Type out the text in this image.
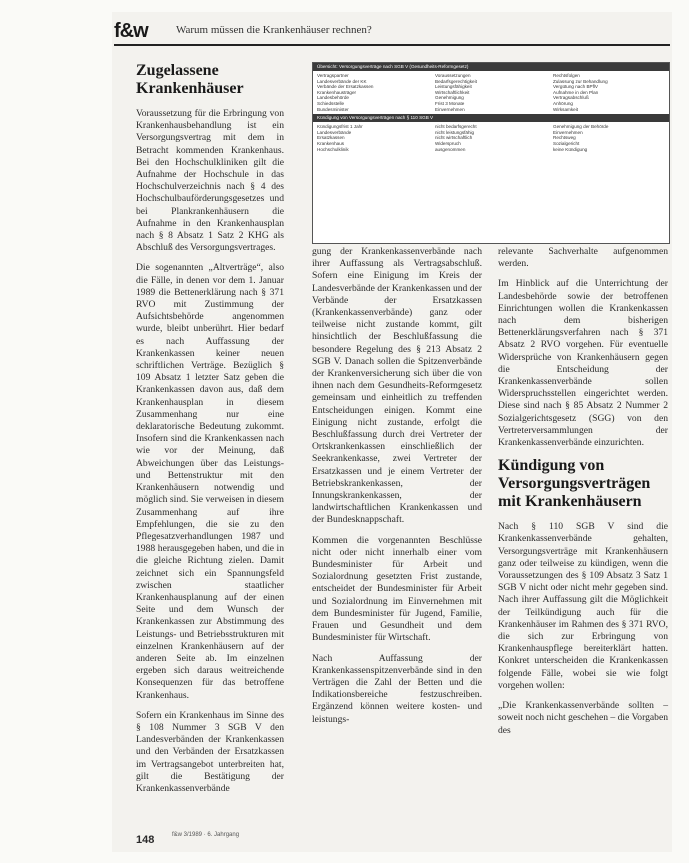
f&w	Warum müssen die Krankenhäuser rechnen?
Zugelassene Krankenhäuser

Voraussetzung für die Erbringung von Krankenhausbehandlung ist ein Versorgungsvertrag mit dem in Betracht kommenden Krankenhaus. Bei den Hochschulkliniken gilt die Aufnahme der Hochschule in das Hochschulverzeichnis nach § 4 des Hochschulbauförderungsgesetzes und bei Plankrankenhäusern die Aufnahme in den Krankenhausplan nach § 8 Absatz 1 Satz 2 KHG als Abschluß des Versorgungsvertrages.

Die sogenannten „Altverträge“, also die Fälle, in denen vor dem 1. Januar 1989 die Bettenerklärung nach § 371 RVO mit Zustimmung der Aufsichtsbehörde angenommen wurde, bleibt unberührt. Hier bedarf es nach Auffassung der Krankenkassen keiner neuen schriftlichen Verträge. Bezüglich § 109 Absatz 1 letzter Satz geben die Krankenkassen davon aus, daß dem Krankenhausplan in diesem Zusammenhang nur eine deklaratorische Bedeutung zukommt. Insofern sind die Krankenkassen nach wie vor der Meinung, daß Abweichungen über das Leistungs- und Bettenstruktur mit den Krankenhäusern notwendig und möglich sind. Sie verweisen in diesem Zusammenhang auf ihre Empfehlungen, die sie zu den Pflegesatzverhandlungen 1987 und 1988 herausgegeben haben, und die in die gleiche Richtung zielen. Damit zeichnet sich ein Spannungsfeld zwischen staatlicher Krankenhausplanung auf der einen Seite und dem Wunsch der Krankenkassen zur Abstimmung des Leistungs- und Betriebsstrukturen mit einzelnen Krankenhäusern auf der anderen Seite ab. Im einzelnen ergeben sich daraus weitreichende Konsequenzen für das betroffene Krankenhaus.

Sofern ein Krankenhaus im Sinne des § 108 Nummer 3 SGB V den Landesverbänden der Krankenkassen und den Verbänden der Ersatzkassen im Vertragsangebot unterbreiten hat, gilt die Bestätigung der Krankenkassenverbände

Übersicht: Versorgungsverträge nach SGB V (Gesundheits-Reformgesetz)
Vertragspartner	Voraussetzungen	Rechtsfolgen
Landesverbände der KK	Bedarfsgerechtigkeit	Zulassung zur Behandlung
Verbände der Ersatzkassen	Leistungsfähigkeit	Vergütung nach BPflV
Krankenhausträger	Wirtschaftlichkeit	Aufnahme in den Plan
Landesbehörde	Genehmigung	Vertragsabschluß
Schiedsstelle	Frist 3 Monate	Anhörung
Bundesminister	Einvernehmen	Wirksamkeit
Kündigung von Versorgungsverträgen nach § 110 SGB V
Kündigungsfrist 1 Jahr	nicht bedarfsgerecht	Genehmigung der Behörde
Landesverbände	nicht leistungsfähig	Einvernehmen
Ersatzkassen	nicht wirtschaftlich	Rechtsweg
Krankenhaus	Widerspruch	Sozialgericht
Hochschulklinik	ausgenommen	keine Kündigung

gung der Krankenkassenverbände nach ihrer Auffassung als Vertragsabschluß. Sofern eine Einigung im Kreis der Landesverbände der Krankenkassen und der Verbände der Ersatzkassen (Krankenkassenverbände) ganz oder teilweise nicht zustande kommt, gilt hinsichtlich der Beschlußfassung die besondere Regelung des § 213 Absatz 2 SGB V. Danach sollen die Spitzenverbände der Krankenversicherung sich über die von ihnen nach dem Gesundheits-Reformgesetz gemeinsam und einheitlich zu treffenden Entscheidungen einigen. Kommt eine Einigung nicht zustande, erfolgt die Beschlußfassung durch drei Vertreter der Ortskrankenkassen einschließlich der Seekrankenkasse, zwei Vertreter der Ersatzkassen und je einem Vertreter der Betriebskrankenkassen, der Innungskrankenkassen, der landwirtschaftlichen Krankenkassen und der Bundesknappschaft.

Kommen die vorgenannten Beschlüsse nicht oder nicht innerhalb einer vom Bundesminister für Arbeit und Sozialordnung gesetzten Frist zustande, entscheidet der Bundesminister für Arbeit und Sozialordnung im Einvernehmen mit dem Bundesminister für Jugend, Familie, Frauen und Gesundheit und dem Bundesminister für Wirtschaft.

Nach Auffassung der Krankenkassenspitzenverbände sind in den Verträgen die Zahl der Betten und die Indikationsbereiche festzuschreiben. Ergänzend können weitere kosten- und leistungs-

relevante Sachverhalte aufgenommen werden.

Im Hinblick auf die Unterrichtung der Landesbehörde sowie der betroffenen Einrichtungen wollen die Krankenkassen nach dem bisherigen Bettenerklärungsverfahren nach § 371 Absatz 2 RVO vorgehen. Für eventuelle Widersprüche von Krankenhäusern gegen die Entscheidung der Krankenkassenverbände sollen Widerspruchsstellen eingerichtet werden. Diese sind nach § 85 Absatz 2 Nummer 2 Sozialgerichtsgesetz (SGG) von den Vertreterversammlungen der Krankenkassenverbände einzurichten.

Kündigung von Versorgungsverträgen mit Krankenhäusern

Nach § 110 SGB V sind die Krankenkassenverbände gehalten, Versorgungsverträge mit Krankenhäusern ganz oder teilweise zu kündigen, wenn die Voraussetzungen des § 109 Absatz 3 Satz 1 SGB V nicht oder nicht mehr gegeben sind. Nach ihrer Auffassung gilt die Möglichkeit der Teilkündigung auch für die Krankenhäuser im Rahmen des § 371 RVO, die sich zur Erbringung von Krankenhauspflege bereiterklärt hatten. Konkret unterscheiden die Krankenkassen folgende Fälle, wobei sie wie folgt vorgehen wollen:

„Die Krankenkassenverbände sollten – soweit noch nicht geschehen – die Vorgaben des

148	f&w 3/1989 · 6. Jahrgang
